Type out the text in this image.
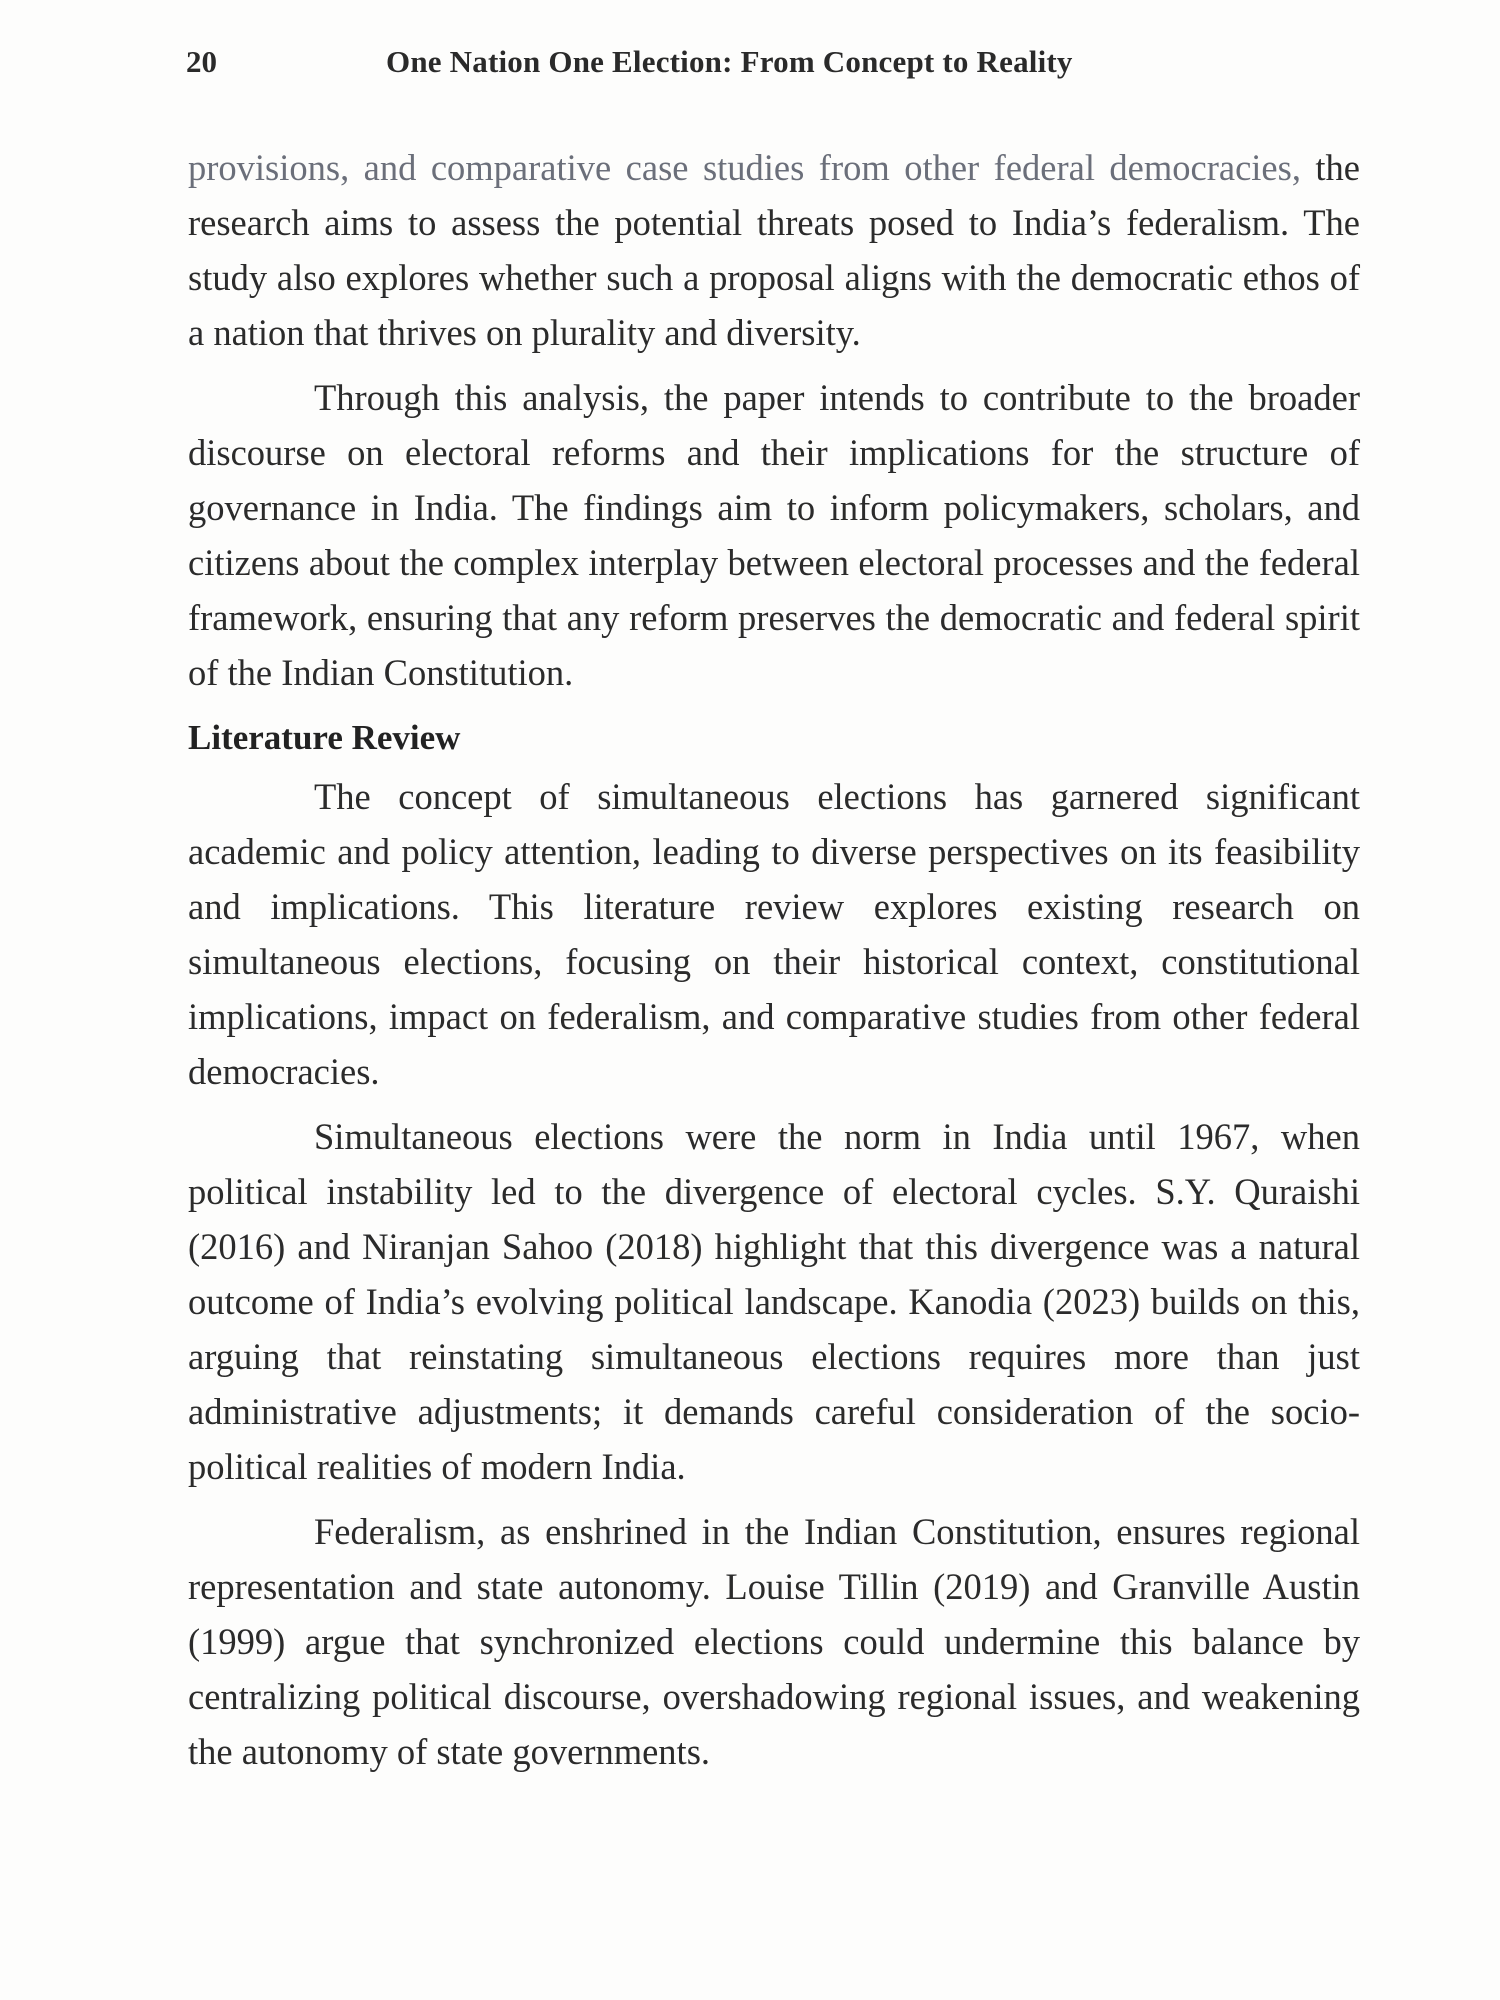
20	One Nation One Election: From Concept to Reality

provisions, and comparative case studies from other federal democracies, the research aims to assess the potential threats posed to India’s federalism. The study also explores whether such a proposal aligns with the democratic ethos of a nation that thrives on plurality and diversity.

Through this analysis, the paper intends to contribute to the broader discourse on electoral reforms and their implications for the structure of governance in India. The findings aim to inform policymakers, scholars, and citizens about the complex interplay between electoral processes and the federal framework, ensuring that any reform preserves the democratic and federal spirit of the Indian Constitution.

Literature Review

The concept of simultaneous elections has garnered significant academic and policy attention, leading to diverse perspectives on its feasibility and implications. This literature review explores existing research on simultaneous elections, focusing on their historical context, constitutional implications, impact on federalism, and comparative studies from other federal democracies.

Simultaneous elections were the norm in India until 1967, when political instability led to the divergence of electoral cycles. S.Y. Quraishi (2016) and Niranjan Sahoo (2018) highlight that this divergence was a natural outcome of India’s evolving political landscape. Kanodia (2023) builds on this, arguing that reinstating simultaneous elections requires more than just administrative adjustments; it demands careful consideration of the socio-political realities of modern India.

Federalism, as enshrined in the Indian Constitution, ensures regional representation and state autonomy. Louise Tillin (2019) and Granville Austin (1999) argue that synchronized elections could undermine this balance by centralizing political discourse, overshadowing regional issues, and weakening the autonomy of state governments.
